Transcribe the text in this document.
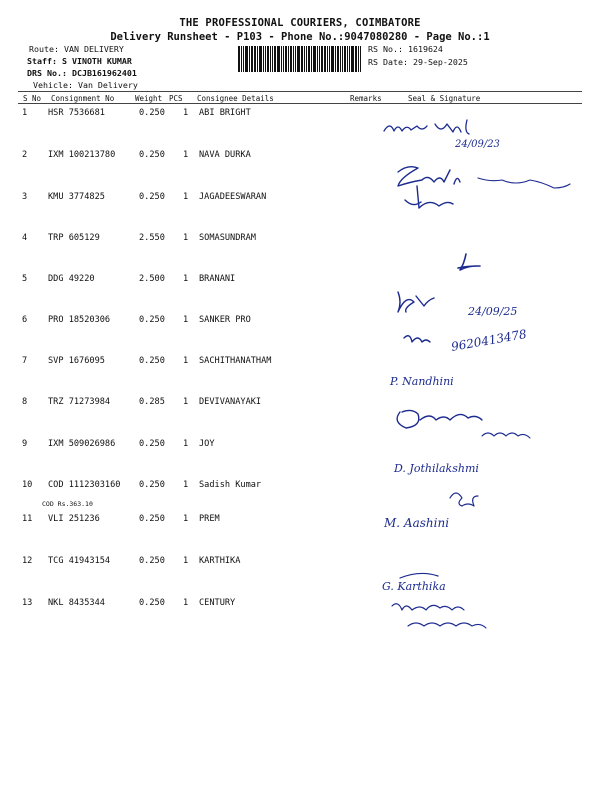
THE PROFESSIONAL COURIERS, COIMBATORE
Delivery Runsheet - P103 - Phone No.:9047080280 - Page No.:1
Route: VAN DELIVERY
Staff: S VINOTH KUMAR
DRS No.: DCJB161962401
Vehicle: Van Delivery
RS No.: 1619624
RS Date: 29-Sep-2025
S No Consignment No	Weight PCS Consignee Details	Remarks	Seal & Signature
1 HSR 7536681	0.250 1 ABI BRIGHT
2 IXM 100213780	0.250 1 NAVA DURKA
3 KMU 3774825	0.250 1 JAGADEESWARAN
4 TRP 605129	2.550 1 SOMASUNDRAM
5 DDG 49220	2.500 1 BRANANI
6 PRO 18520306	0.250 1 SANKER PRO
7 SVP 1676095	0.250 1 SACHITHANATHAM
8 TRZ 71273984	0.285 1 DEVIVANAYAKI
9 IXM 509026986	0.250 1 JOY
10 COD 1112303160 0.250 1 Sadish Kumar
COD Rs.363.10
11 VLI 251236	0.250 1 PREM
12 TCG 41943154	0.250 1 KARTHIKA
13 NKL 8435344	0.250 1 CENTURY
24/09/23
24/09/25
9620413478
P. Nandhini
D. Jothilakshmi
M. Aashini
G. Karthika
